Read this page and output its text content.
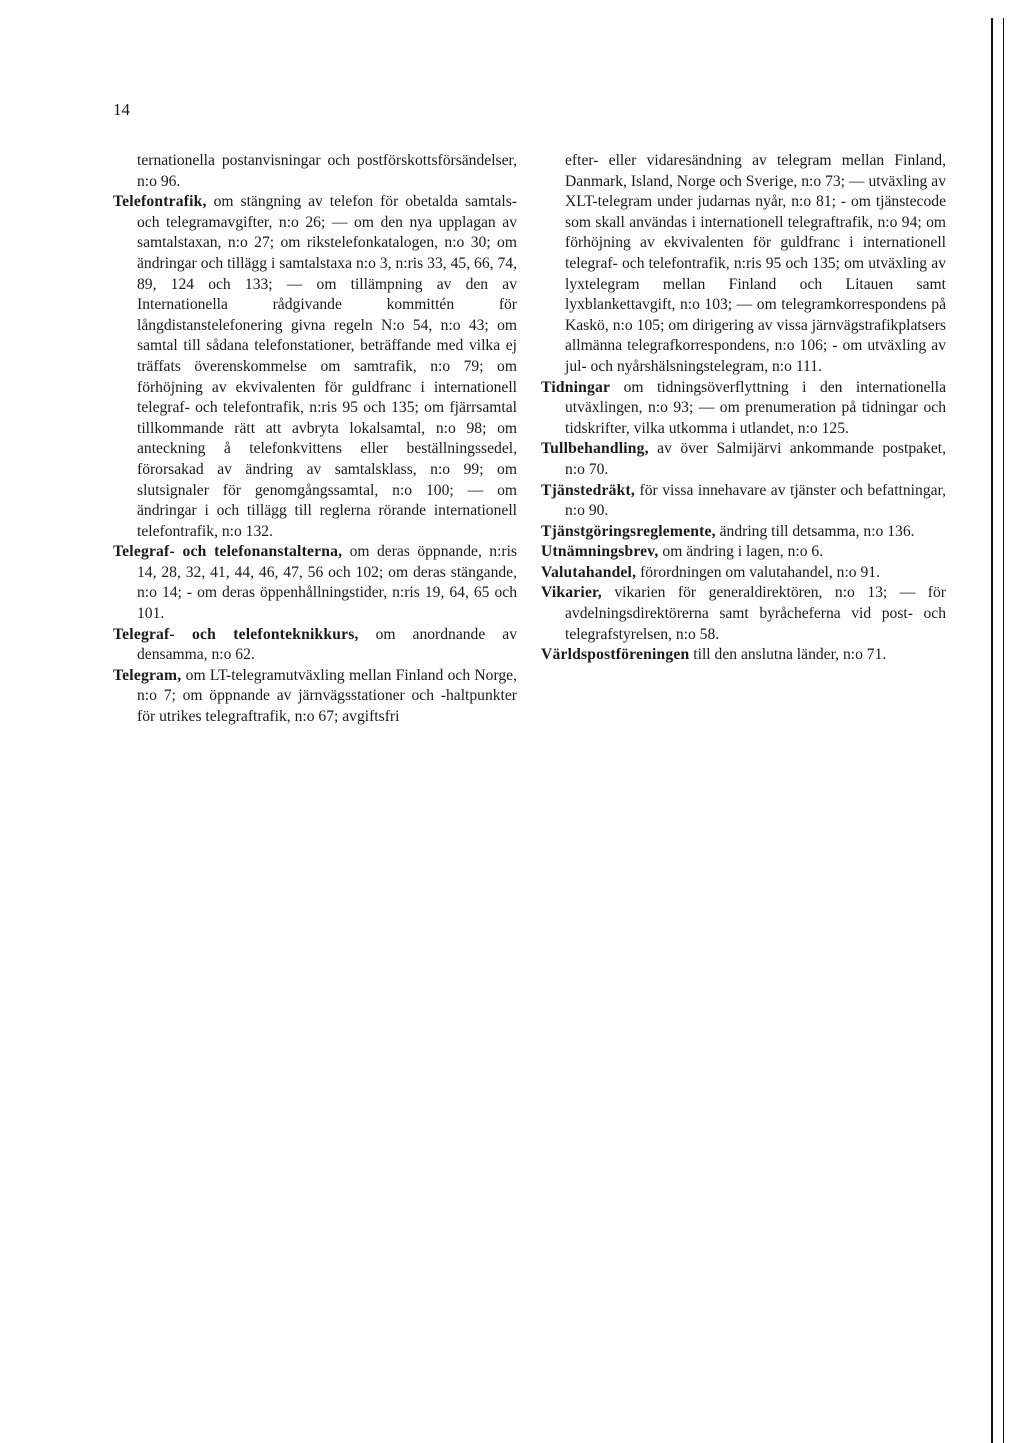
14

ternationella postanvisningar och postförskottsförsändelser, n:o 96.

Telefontrafik, om stängning av telefon för obetalda samtals- och telegramavgifter, n:o 26; — om den nya upplagan av samtalstaxan, n:o 27; om rikstelefonkatalogen, n:o 30; om ändringar och tillägg i samtalstaxa n:o 3, n:ris 33, 45, 66, 74, 89, 124 och 133; — om tillämpning av den av Internationella rådgivande kommittén för långdistanstelefonering givna regeln N:o 54, n:o 43; om samtal till sådana telefonstationer, beträffande med vilka ej träffats överenskommelse om samtrafik, n:o 79; om förhöjning av ekvivalenten för guldfranc i internationell telegraf- och telefontrafik, n:ris 95 och 135; om fjärrsamtal tillkommande rätt att avbryta lokalsamtal, n:o 98; om anteckning å telefonkvittens eller beställningssedel, förorsakad av ändring av samtalsklass, n:o 99; om slutsignaler för genomgångssamtal, n:o 100; — om ändringar i och tillägg till reglerna rörande internationell telefontrafik, n:o 132.

Telegraf- och telefonanstalterna, om deras öppnande, n:ris 14, 28, 32, 41, 44, 46, 47, 56 och 102; om deras stängande, n:o 14; - om deras öppenhållningstider, n:ris 19, 64, 65 och 101.

Telegraf- och telefonteknikkurs, om anordnande av densamma, n:o 62.

Telegram, om LT-telegramutväxling mellan Finland och Norge, n:o 7; om öppnande av järnvägsstationer och -haltpunkter för utrikes telegraftrafik, n:o 67; avgiftsfri

efter- eller vidaresändning av telegram mellan Finland, Danmark, Island, Norge och Sverige, n:o 73; — utväxling av XLT-telegram under judarnas nyår, n:o 81; - om tjänstecode som skall användas i internationell telegraftrafik, n:o 94; om förhöjning av ekvivalenten för guldfranc i internationell telegraf- och telefontrafik, n:ris 95 och 135; om utväxling av lyxtelegram mellan Finland och Litauen samt lyxblankettavgift, n:o 103; — om telegramkorrespondens på Kaskö, n:o 105; om dirigering av vissa järnvägstrafikplatsers allmänna telegrafkorrespondens, n:o 106; - om utväxling av jul- och nyårshälsningstelegram, n:o 111.

Tidningar om tidningsöverflyttning i den internationella utväxlingen, n:o 93; — om prenumeration på tidningar och tidskrifter, vilka utkomma i utlandet, n:o 125.

Tullbehandling, av över Salmijärvi ankommande postpaket, n:o 70.

Tjänstedräkt, för vissa innehavare av tjänster och befattningar, n:o 90.

Tjänstgöringsreglemente, ändring till detsamma, n:o 136.

Utnämningsbrev, om ändring i lagen, n:o 6.

Valutahandel, förordningen om valutahandel, n:o 91.

Vikarier, vikarien för generaldirektören, n:o 13; — för avdelningsdirektörerna samt byråcheferna vid post- och telegrafstyrelsen, n:o 58.

Världspostföreningen till den anslutna länder, n:o 71.
